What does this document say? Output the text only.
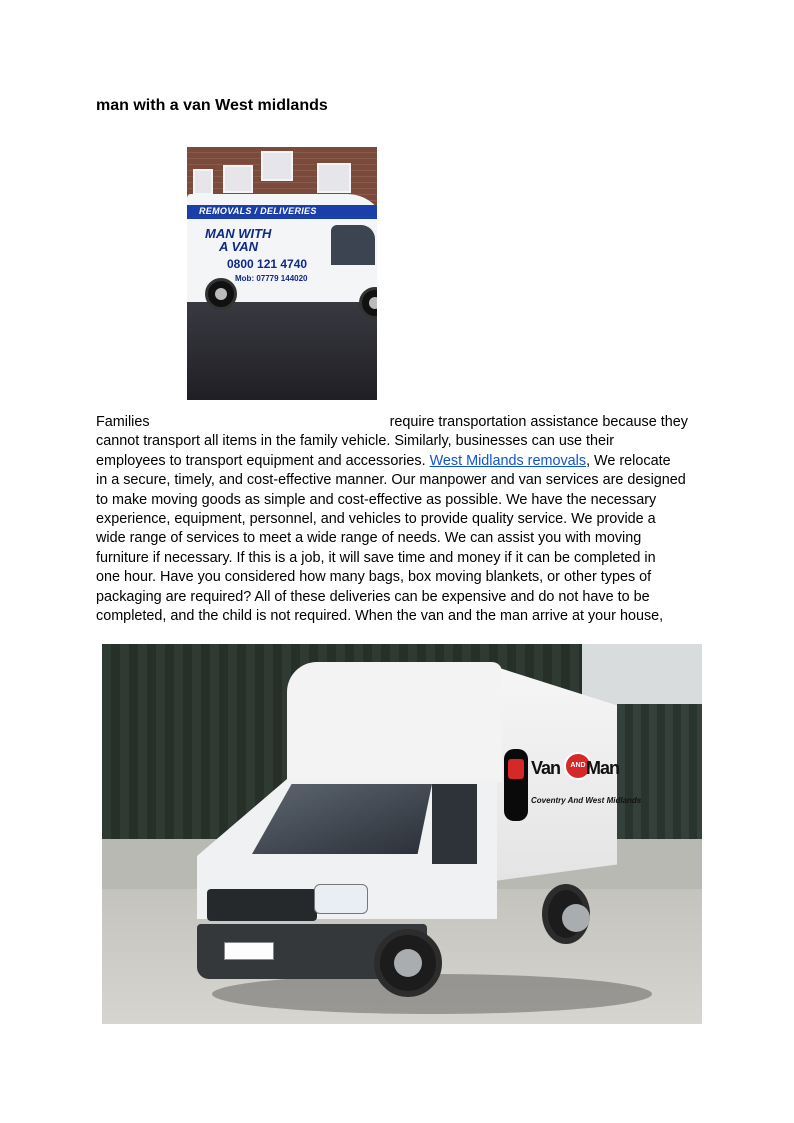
man with a van West midlands
REMOVALS / DELIVERIES
MAN WITH
A VAN
0800 121 4740
Mob: 07779 144020

Families	require transportation assistance because they
cannot transport all items in the family vehicle. Similarly, businesses can use their
employees to transport equipment and accessories. West Midlands removals, We relocate
in a secure, timely, and cost-effective manner. Our manpower and van services are designed
to make moving goods as simple and cost-effective as possible. We have the necessary
experience, equipment, personnel, and vehicles to provide quality service. We provide a
wide range of services to meet a wide range of needs. We can assist you with moving
furniture if necessary. If this is a job, it will save time and money if it can be completed in
one hour. Have you considered how many bags, box moving blankets, or other types of
packaging are required? All of these deliveries can be expensive and do not have to be
completed, and the child is not required. When the van and the man arrive at your house,

Van	AND Man
Coventry And West Midlands
